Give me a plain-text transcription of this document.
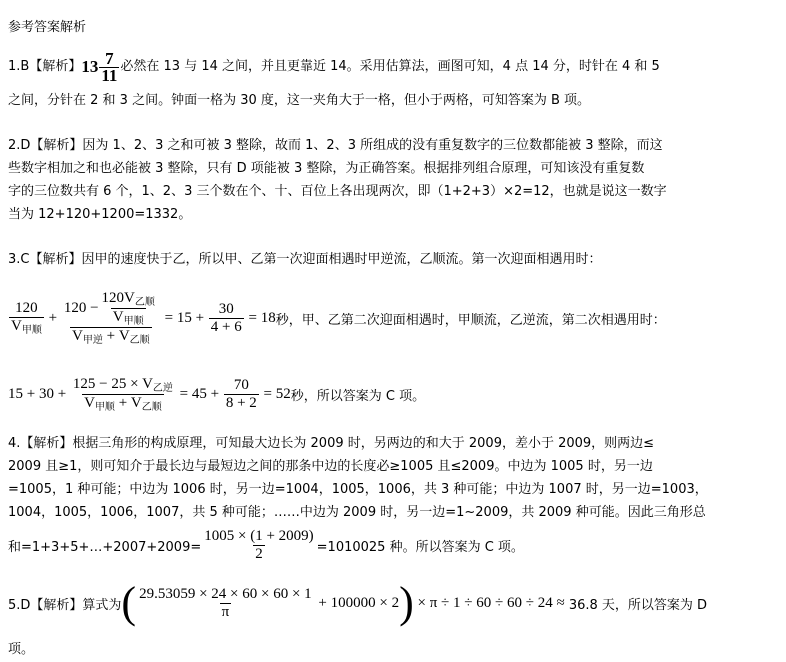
参考答案解析
1.B【解析】 $13 \frac{7}{11}$ 必然在 13 与 14 之间，并且更靠近 14。采用估算法，画图可知，4 点 14 分，时针在 4 和 5
之间，分针在 2 和 3 之间。钟面一格为 30 度，这一夹角大于一格，但小于两格，可知答案为 B 项。
2.D【解析】因为 1、2、3 之和可被 3 整除，故而 1、2、3 所组成的没有重复数字的三位数都能被 3 整除，而这
些数字相加之和也必能被 3 整除，只有 D 项能被 3 整除，为正确答案。根据排列组合原理，可知该没有重复数
字的三位数共有 6 个，1、2、3 三个数在个、十、百位上各出现两次，即（1+2+3）×2=12，也就是说这一数字
当为 12+120+1200=1332。
3.C【解析】因甲的速度快于乙，所以甲、乙第一次迎面相遇时甲逆流，乙顺流。第一次迎面相遇用时：
$\frac{120}{V_{甲顺}} + \frac{120 - \frac{120V_{乙顺}}{V_{甲顺}}}{V_{甲逆} + V_{乙顺}} = 15 + \frac{30}{4 + 6} = 18$ 秒，甲、乙第二次迎面相遇时，甲顺流，乙逆流，第二次相遇用时：
$15 + 30 + \frac{125 - 25 \times V_{乙逆}}{V_{甲顺} + V_{乙顺}} = 45 + \frac{70}{8 + 2} = 52$ 秒，所以答案为 C 项。
4.【解析】根据三角形的构成原理，可知最大边长为 2009 时，另两边的和大于 2009，差小于 2009，则两边≤
2009 且≥1，则可知介于最长边与最短边之间的那条中边的长度必≥1005 且≤2009。中边为 1005 时，另一边
=1005，1 种可能；中边为 1006 时，另一边=1004，1005，1006，共 3 种可能；中边为 1007 时，另一边=1003，
1004，1005，1006，1007，共 5 种可能；……中边为 2009 时，另一边=1~2009，共 2009 种可能。因此三角形总
和=1+3+5+…+2007+2009= $\frac{1005 \times (1 + 2009)}{2} =1010025$ 种。所以答案为 C 项。
5.D【解析】算式为 ( $\frac{29.53059 \times 24 \times 60 \times 60 \times 1}{\pi} + 100000 \times 2$ ) × π ÷ 1 ÷ 60 ÷ 60 ÷ 24 ≈ 36.8 天，所以答案为 D
项。
